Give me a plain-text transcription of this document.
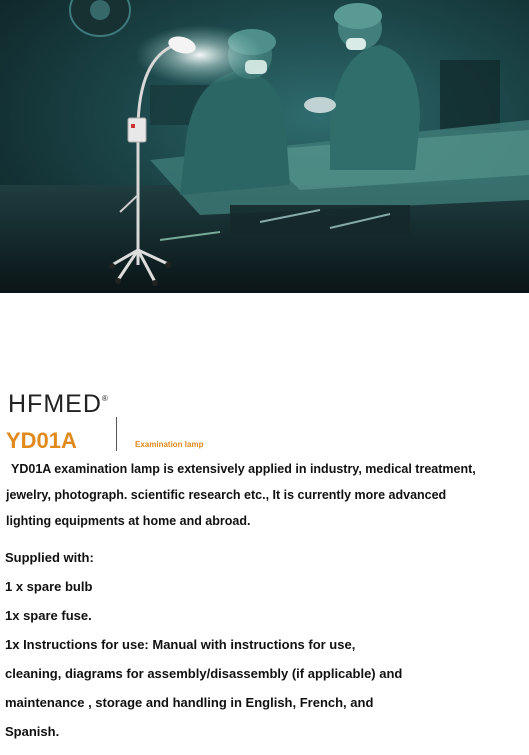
HFMED®
YD01A	Examination lamp

YD01A examination lamp is extensively applied in industry, medical treatment,

jewelry, photograph. scientific research etc., It is currently more advanced

lighting equipments at home and abroad.

Supplied with:

1 x spare bulb

1x spare fuse.

1x Instructions for use: Manual with instructions for use,

cleaning, diagrams for assembly/disassembly (if applicable) and

maintenance , storage and handling in English, French, and

Spanish.
